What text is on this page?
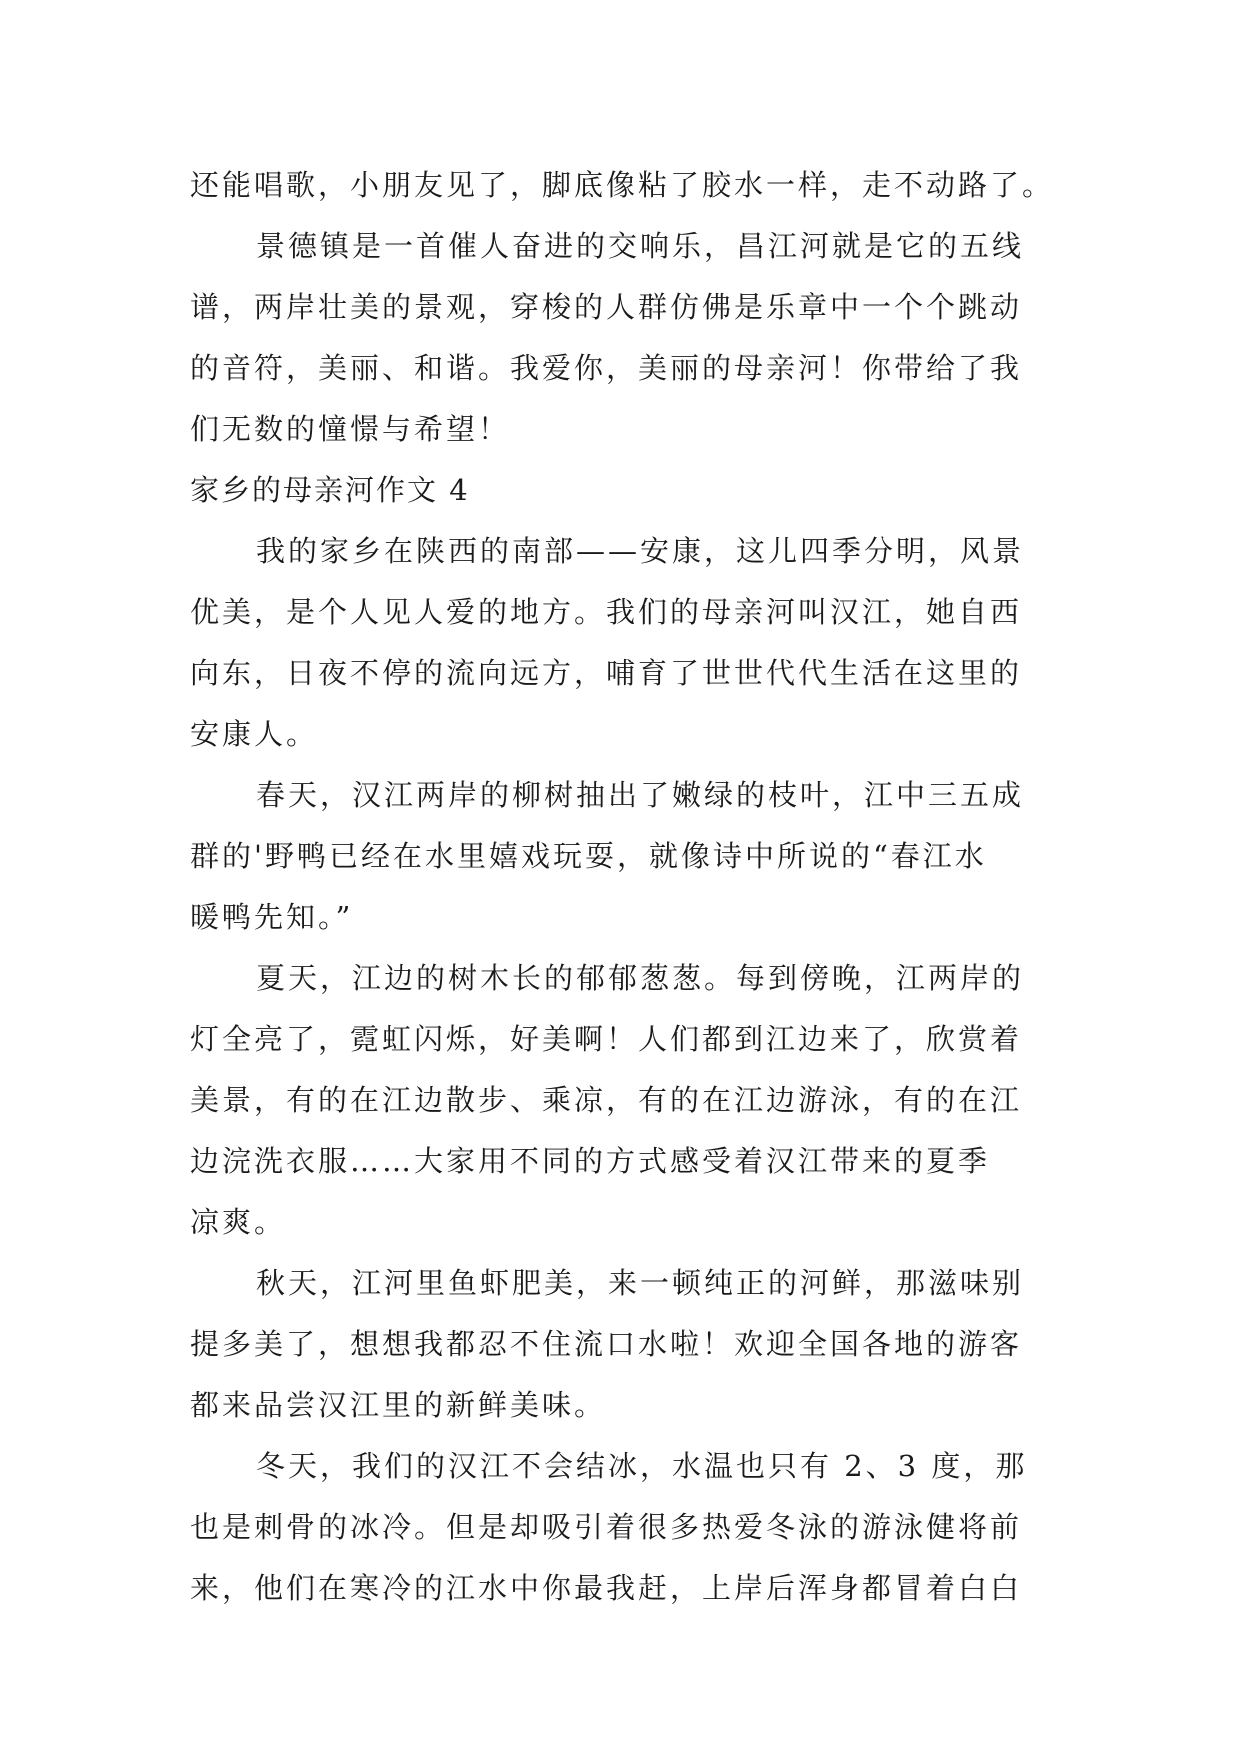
还能唱歌，小朋友见了，脚底像粘了胶水一样，走不动路了。
景德镇是一首催人奋进的交响乐，昌江河就是它的五线
谱，两岸壮美的景观，穿梭的人群仿佛是乐章中一个个跳动
的音符，美丽、和谐。我爱你，美丽的母亲河！你带给了我
们无数的憧憬与希望！
家乡的母亲河作文 4
我的家乡在陕西的南部——安康，这儿四季分明，风景
优美，是个人见人爱的地方。我们的母亲河叫汉江，她自西
向东，日夜不停的流向远方，哺育了世世代代生活在这里的
安康人。
春天，汉江两岸的柳树抽出了嫩绿的枝叶，江中三五成
群的'野鸭已经在水里嬉戏玩耍，就像诗中所说的“春江水
暖鸭先知。”
夏天，江边的树木长的郁郁葱葱。每到傍晚，江两岸的
灯全亮了，霓虹闪烁，好美啊！人们都到江边来了，欣赏着
美景，有的在江边散步、乘凉，有的在江边游泳，有的在江
边浣洗衣服……大家用不同的方式感受着汉江带来的夏季
凉爽。
秋天，江河里鱼虾肥美，来一顿纯正的河鲜，那滋味别
提多美了，想想我都忍不住流口水啦！欢迎全国各地的游客
都来品尝汉江里的新鲜美味。
冬天，我们的汉江不会结冰，水温也只有 2、3 度，那
也是刺骨的冰冷。但是却吸引着很多热爱冬泳的游泳健将前
来，他们在寒冷的江水中你最我赶，上岸后浑身都冒着白白
